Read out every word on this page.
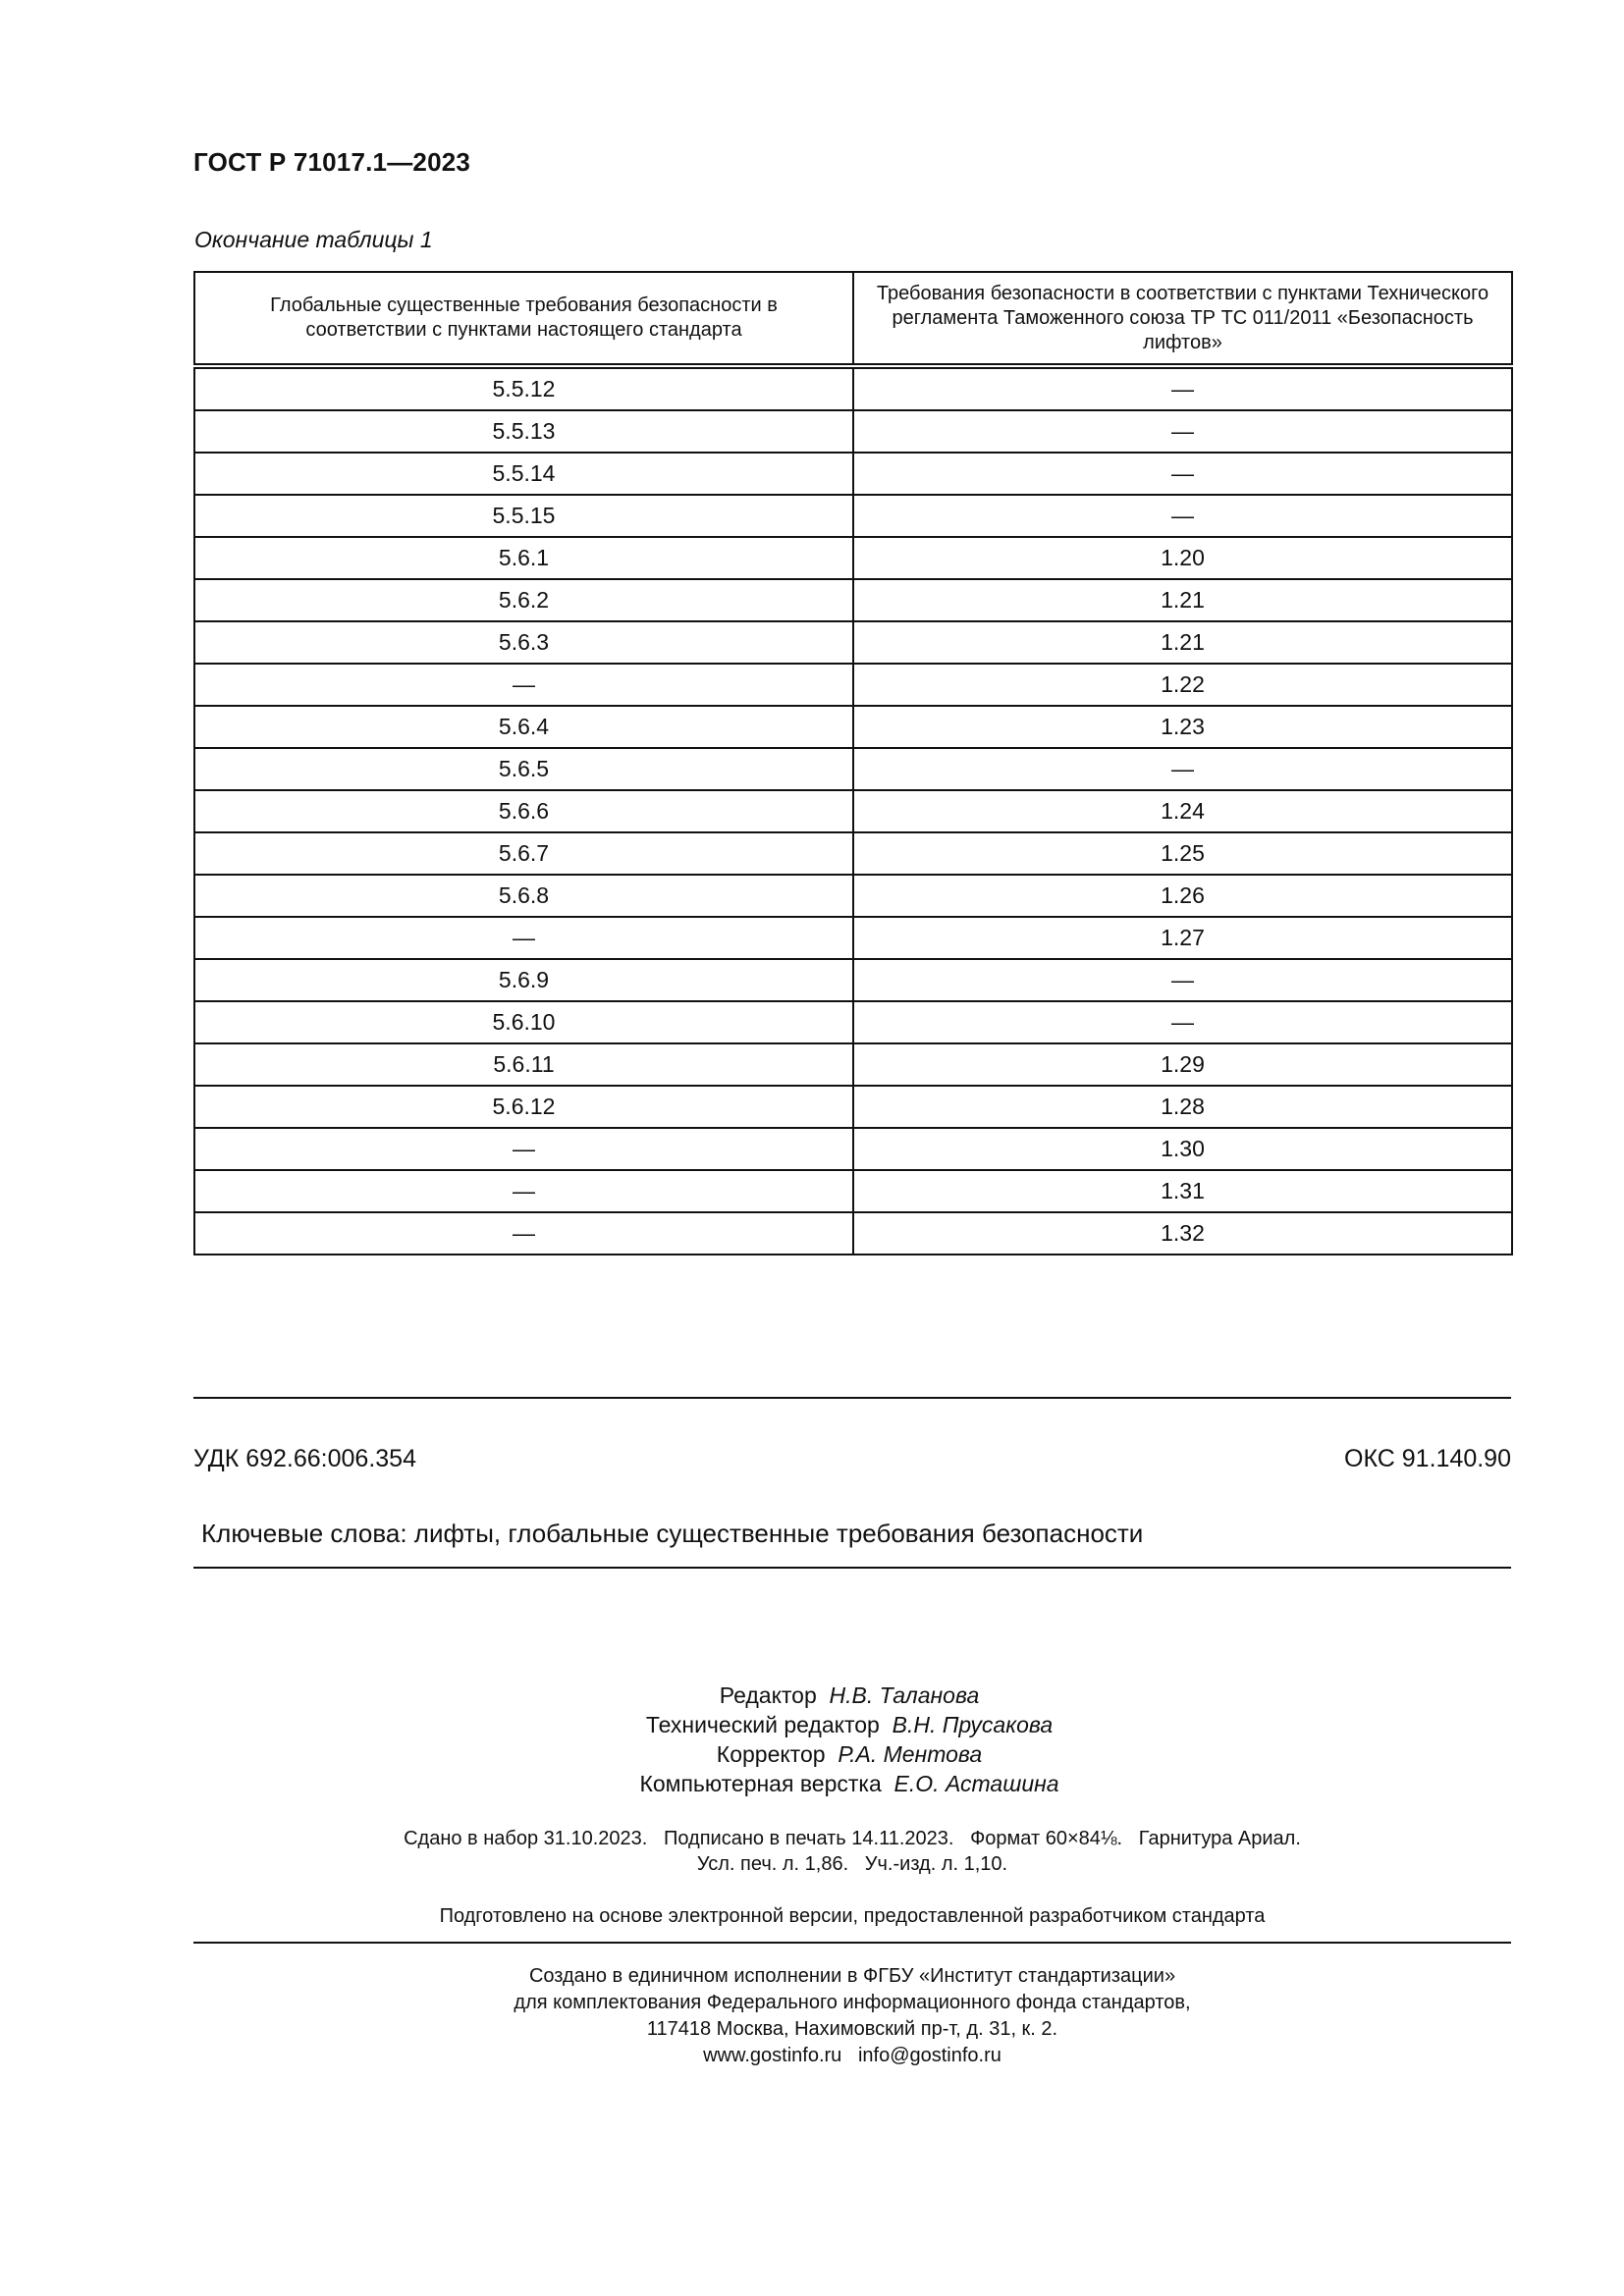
ГОСТ Р 71017.1—2023
Окончание таблицы 1
Глобальные существенные требования безопасности в соответствии с пунктами настоящего стандарта	Требования безопасности в соответствии с пунктами Технического регламента Таможенного союза ТР ТС 011/2011 «Безопасность лифтов»
5.5.12	—
5.5.13	—
5.5.14	—
5.5.15	—
5.6.1	1.20
5.6.2	1.21
5.6.3	1.21
—	1.22
5.6.4	1.23
5.6.5	—
5.6.6	1.24
5.6.7	1.25
5.6.8	1.26
—	1.27
5.6.9	—
5.6.10	—
5.6.11	1.29
5.6.12	1.28
—	1.30
—	1.31
—	1.32
УДК 692.66:006.354	ОКС 91.140.90
Ключевые слова: лифты, глобальные существенные требования безопасности
Редактор Н.В. Таланова
Технический редактор В.Н. Прусакова
Корректор Р.А. Ментова
Компьютерная верстка Е.О. Асташина
Сдано в набор 31.10.2023.   Подписано в печать 14.11.2023.   Формат 60×84⅛.   Гарнитура Ариал.
Усл. печ. л. 1,86.   Уч.-изд. л. 1,10.
Подготовлено на основе электронной версии, предоставленной разработчиком стандарта
Создано в единичном исполнении в ФГБУ «Институт стандартизации»
для комплектования Федерального информационного фонда стандартов,
117418 Москва, Нахимовский пр-т, д. 31, к. 2.
www.gostinfo.ru   info@gostinfo.ru
